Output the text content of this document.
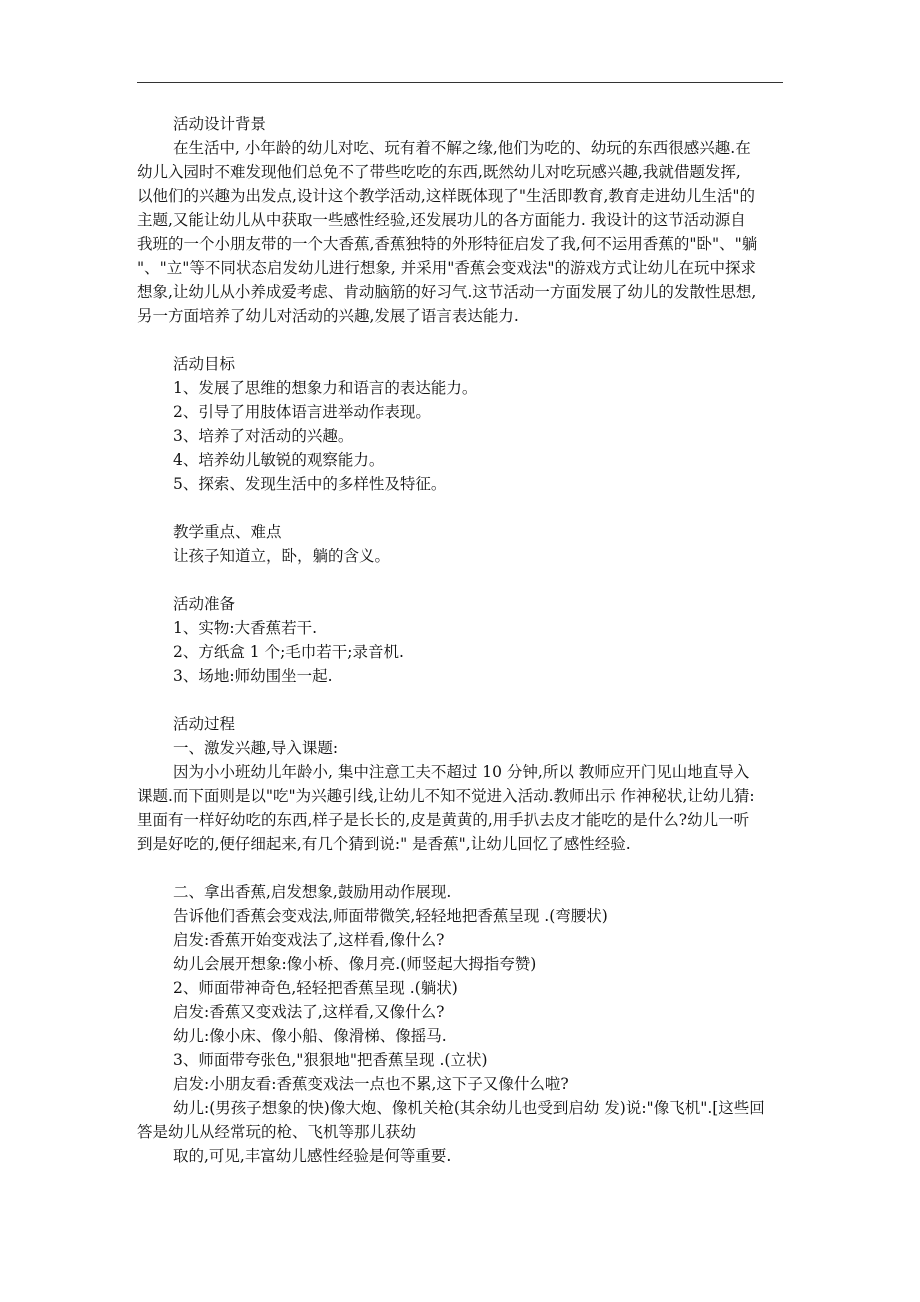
活动设计背景

在生活中, 小年龄的幼儿对吃、玩有着不解之缘,他们为吃的、幼玩的东西很感兴趣.在

幼儿入园时不难发现他们总免不了带些吃吃的东西,既然幼儿对吃玩感兴趣,我就借题发挥,

以他们的兴趣为出发点,设计这个教学活动,这样既体现了"生活即教育,教育走进幼儿生活"的

主题,又能让幼儿从中获取一些感性经验,还发展功儿的各方面能力. 我设计的这节活动源自

我班的一个小朋友带的一个大香蕉,香蕉独特的外形特征启发了我,何不运用香蕉的"卧"、"躺

"、"立"等不同状态启发幼儿进行想象, 并采用"香蕉会变戏法"的游戏方式让幼儿在玩中探求

想象,让幼儿从小养成爱考虑、肯动脑筋的好习气.这节活动一方面发展了幼儿的发散性思想,

另一方面培养了幼儿对活动的兴趣,发展了语言表达能力.

活动目标

1、发展了思维的想象力和语言的表达能力。

2、引导了用肢体语言进举动作表现。

3、培养了对活动的兴趣。

4、培养幼儿敏锐的观察能力。

5、探索、发现生活中的多样性及特征。

教学重点、难点

让孩子知道立，卧，躺的含义。

活动准备

1、实物:大香蕉若干.

2、方纸盒 1 个;毛巾若干;录音机.

3、场地:师幼围坐一起.

活动过程

一、激发兴趣,导入课题:

因为小小班幼儿年龄小, 集中注意工夫不超过 10 分钟,所以 教师应开门见山地直导入

课题.而下面则是以"吃"为兴趣引线,让幼儿不知不觉进入活动.教师出示 作神秘状,让幼儿猜:

里面有一样好幼吃的东西,样子是长长的,皮是黄黄的,用手扒去皮才能吃的是什么?幼儿一听

到是好吃的,便仔细起来,有几个猜到说:" 是香蕉",让幼儿回忆了感性经验.

二、拿出香蕉,启发想象,鼓励用动作展现.

告诉他们香蕉会变戏法,师面带微笑,轻轻地把香蕉呈现 .(弯腰状)

启发:香蕉开始变戏法了,这样看,像什么?

幼儿会展开想象:像小桥、像月亮.(师竖起大拇指夸赞)

2、师面带神奇色,轻轻把香蕉呈现 .(躺状)

启发:香蕉又变戏法了,这样看,又像什么?

幼儿:像小床、像小船、像滑梯、像摇马.

3、师面带夸张色,"狠狠地"把香蕉呈现 .(立状)

启发:小朋友看:香蕉变戏法一点也不累,这下子又像什么啦?

幼儿:(男孩子想象的快)像大炮、像机关枪(其余幼儿也受到启幼 发)说:"像飞机".[这些回

答是幼儿从经常玩的枪、飞机等那儿获幼

取的,可见,丰富幼儿感性经验是何等重要.
